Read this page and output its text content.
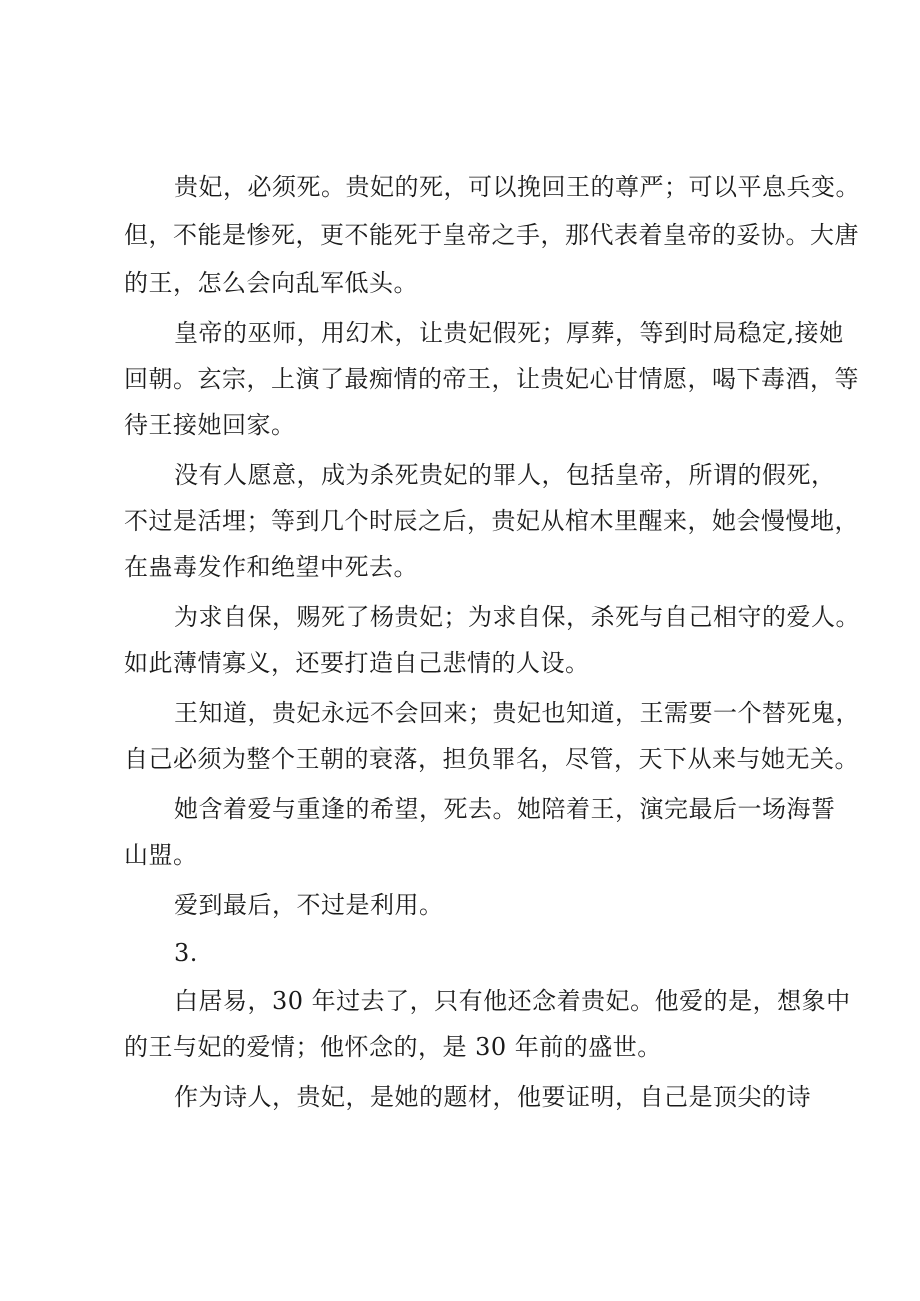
贵妃，必须死。贵妃的死，可以挽回王的尊严；可以平息兵变。
但，不能是惨死，更不能死于皇帝之手，那代表着皇帝的妥协。大唐
的王，怎么会向乱军低头。
皇帝的巫师，用幻术，让贵妃假死；厚葬，等到时局稳定,接她
回朝。玄宗，上演了最痴情的帝王，让贵妃心甘情愿，喝下毒酒，等
待王接她回家。
没有人愿意，成为杀死贵妃的罪人，包括皇帝，所谓的假死，
不过是活埋；等到几个时辰之后，贵妃从棺木里醒来，她会慢慢地，
在蛊毒发作和绝望中死去。
为求自保，赐死了杨贵妃；为求自保，杀死与自己相守的爱人。
如此薄情寡义，还要打造自己悲情的人设。
王知道，贵妃永远不会回来；贵妃也知道，王需要一个替死鬼，
自己必须为整个王朝的衰落，担负罪名，尽管，天下从来与她无关。
她含着爱与重逢的希望，死去。她陪着王，演完最后一场海誓
山盟。
爱到最后，不过是利用。
3.
白居易，30 年过去了，只有他还念着贵妃。他爱的是，想象中
的王与妃的爱情；他怀念的，是 30 年前的盛世。
作为诗人，贵妃，是她的题材，他要证明，自己是顶尖的诗
